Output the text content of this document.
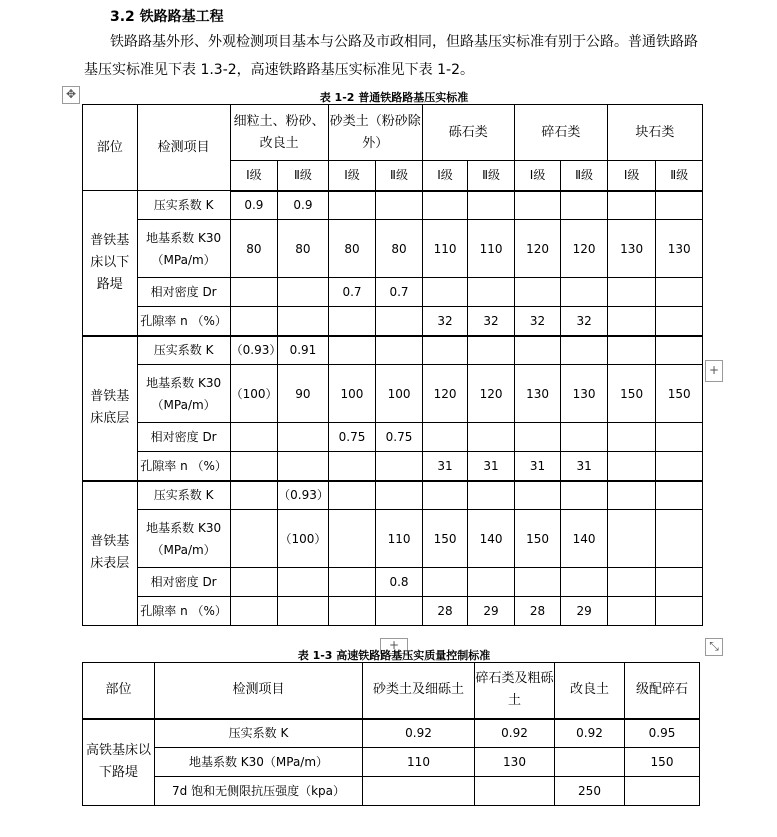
3.2 铁路路基工程
铁路路基外形、外观检测项目基本与公路及市政相同，但路基压实标准有别于公路。普通铁路路
基压实标准见下表 1.3-2，高速铁路路基压实标准见下表 1-2。
✥	表 1-2 普通铁路路基压实标准
部位	检测项目	细粒土、粉砂、改良土		砂类土（粉砂除外）		砾石类		碎石类		块石类	
		Ⅰ级	Ⅱ级	Ⅰ级	Ⅱ级	Ⅰ级	Ⅱ级	Ⅰ级	Ⅱ级	Ⅰ级	Ⅱ级
普铁基床以下路堤	压实系数 K	0.9	0.9								
	地基系数 K30（MPa/m）	80	80	80	80	110	110	120	120	130	130
	相对密度 Dr			0.7	0.7						
	孔隙率 n （%）					32	32	32	32		
普铁基床底层	压实系数 K	（0.93）	0.91								
	地基系数 K30（MPa/m）	（100）	90	100	100	120	120	130	130	150	150
	相对密度 Dr			0.75	0.75						
	孔隙率 n （%）					31	31	31	31		
普铁基床表层	压实系数 K		（0.93）								
	地基系数 K30（MPa/m）		（100）		110	150	140	150	140		
	相对密度 Dr				0.8						
	孔隙率 n （%）					28	29	28	29		
+
+	⤡
表 1-3 高速铁路路基压实质量控制标准
部位	检测项目	砂类土及细砾土	碎石类及粗砾土	改良土	级配碎石
高铁基床以下路堤	压实系数 K	0.92	0.92	0.92	0.95
	地基系数 K30（MPa/m）	110	130		150
	7d 饱和无侧限抗压强度（kpa）			250	
